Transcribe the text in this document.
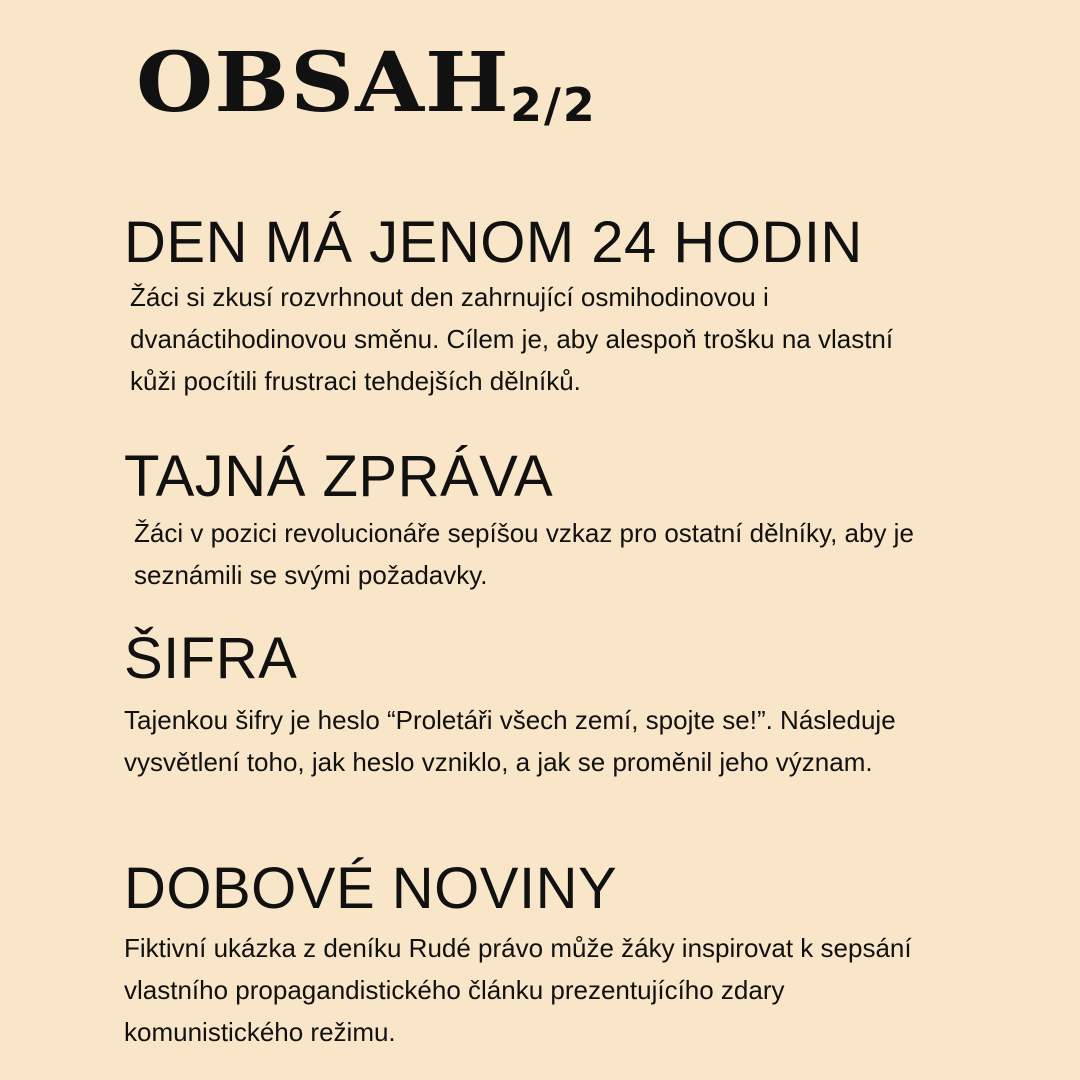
OBSAH 2/2
DEN MÁ JENOM 24 HODIN

Žáci si zkusí rozvrhnout den zahrnující osmihodinovou i dvanáctihodinovou směnu. Cílem je, aby alespoň trošku na vlastní kůži pocítili frustraci tehdejších dělníků.

TAJNÁ ZPRÁVA

Žáci v pozici revolucionáře sepíšou vzkaz pro ostatní dělníky, aby je seznámili se svými požadavky.

ŠIFRA

Tajenkou šifry je heslo “Proletáři všech zemí, spojte se!”. Následuje vysvětlení toho, jak heslo vzniklo, a jak se proměnil jeho význam.

DOBOVÉ NOVINY

Fiktivní ukázka z deníku Rudé právo může žáky inspirovat k sepsání vlastního propagandistického článku prezentujícího zdary komunistického režimu.
